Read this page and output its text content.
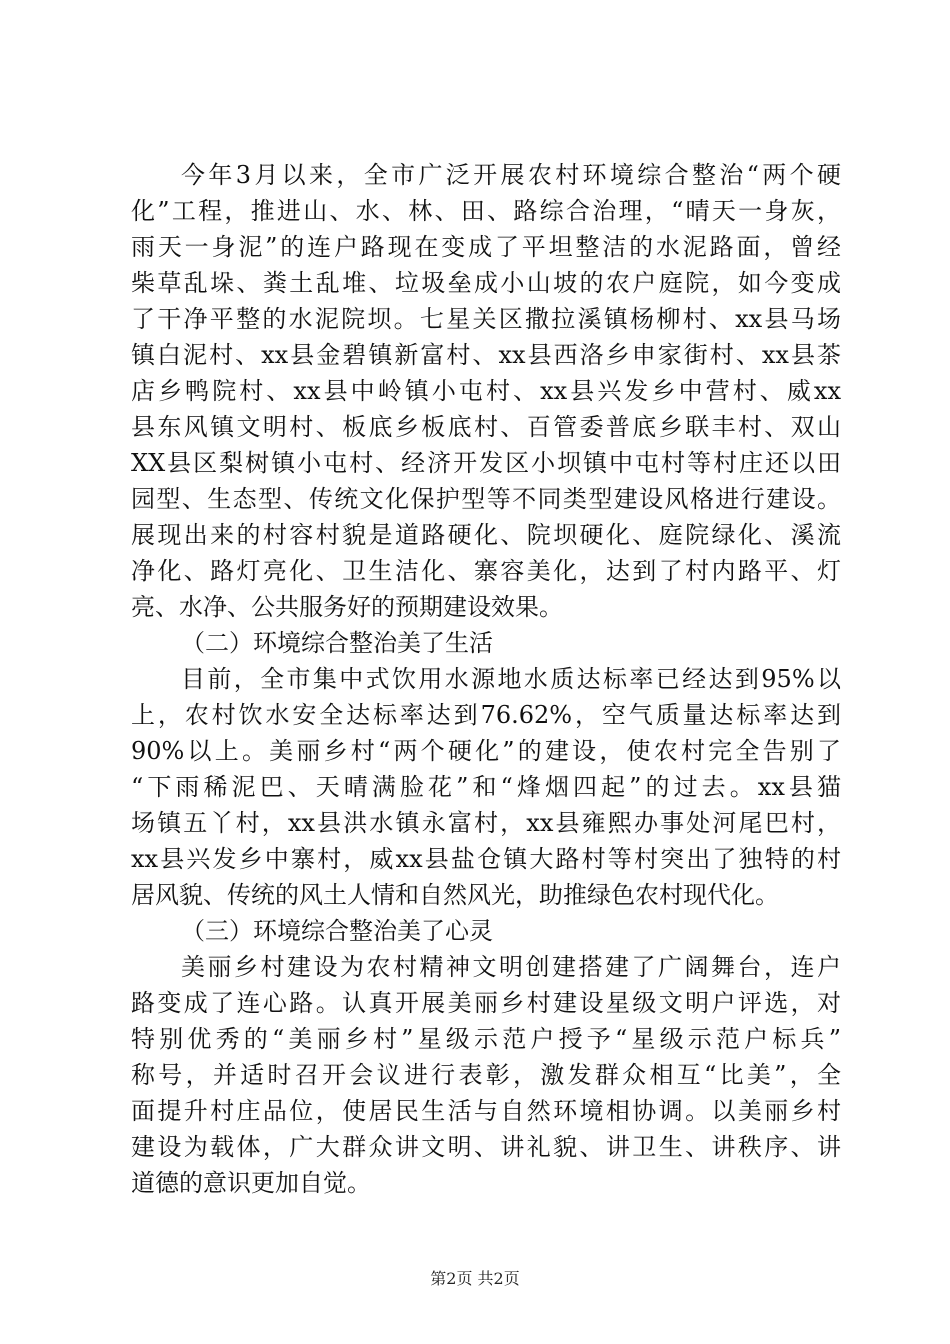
今年3月以来，全市广泛开展农村环境综合整治“两个硬
化”工程，推进山、水、林、田、路综合治理，“晴天一身灰，
雨天一身泥”的连户路现在变成了平坦整洁的水泥路面，曾经
柴草乱垛、粪土乱堆、垃圾垒成小山坡的农户庭院，如今变成
了干净平整的水泥院坝。七星关区撒拉溪镇杨柳村、xx县马场
镇白泥村、xx县金碧镇新富村、xx县西洛乡申家街村、xx县茶
店乡鸭院村、xx县中岭镇小屯村、xx县兴发乡中营村、威xx
县东风镇文明村、板底乡板底村、百管委普底乡联丰村、双山
XX县区梨树镇小屯村、经济开发区小坝镇中屯村等村庄还以田
园型、生态型、传统文化保护型等不同类型建设风格进行建设。
展现出来的村容村貌是道路硬化、院坝硬化、庭院绿化、溪流
净化、路灯亮化、卫生洁化、寨容美化，达到了村内路平、灯
亮、水净、公共服务好的预期建设效果。
（二）环境综合整治美了生活
目前，全市集中式饮用水源地水质达标率已经达到95%以
上，农村饮水安全达标率达到76.62%，空气质量达标率达到
90%以上。美丽乡村“两个硬化”的建设，使农村完全告别了
“下雨稀泥巴、天晴满脸花”和“烽烟四起”的过去。xx县猫
场镇五丫村，xx县洪水镇永富村，xx县雍熙办事处河尾巴村，
xx县兴发乡中寨村，威xx县盐仓镇大路村等村突出了独特的村
居风貌、传统的风土人情和自然风光，助推绿色农村现代化。
（三）环境综合整治美了心灵
美丽乡村建设为农村精神文明创建搭建了广阔舞台，连户
路变成了连心路。认真开展美丽乡村建设星级文明户评选，对
特别优秀的“美丽乡村”星级示范户授予“星级示范户标兵”
称号，并适时召开会议进行表彰，激发群众相互“比美”，全
面提升村庄品位，使居民生活与自然环境相协调。以美丽乡村
建设为载体，广大群众讲文明、讲礼貌、讲卫生、讲秩序、讲
道德的意识更加自觉。
第2页 共2页
